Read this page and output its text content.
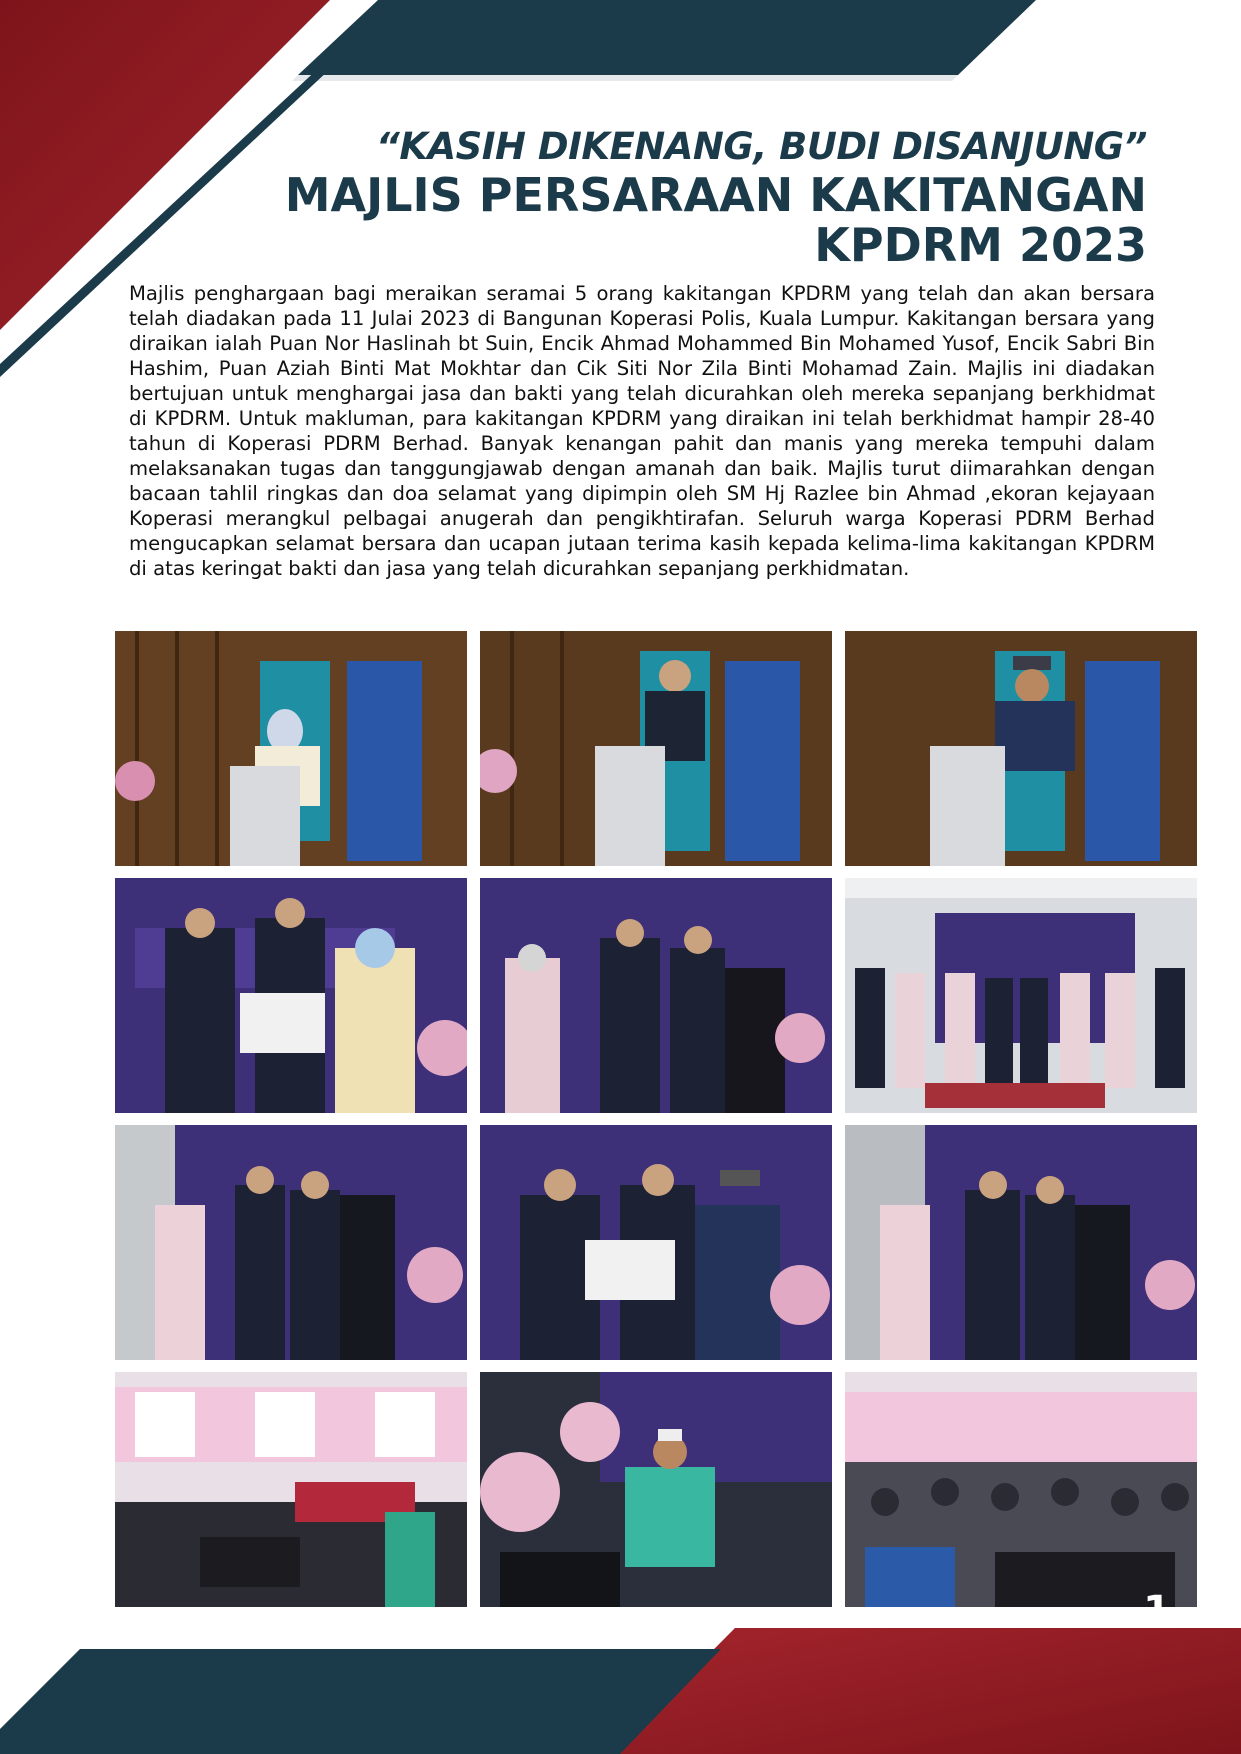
“KASIH DIKENANG, BUDI DISANJUNG”
MAJLIS PERSARAAN KAKITANGAN
KPDRM 2023

Majlis penghargaan bagi meraikan seramai 5 orang kakitangan KPDRM yang telah dan akan bersara telah diadakan pada 11 Julai 2023 di Bangunan Koperasi Polis, Kuala Lumpur. Kakitangan bersara yang diraikan ialah Puan Nor Haslinah bt Suin, Encik Ahmad Mohammed Bin Mohamed Yusof, Encik Sabri Bin Hashim, Puan Aziah Binti Mat Mokhtar dan Cik Siti Nor Zila Binti Mohamad Zain. Majlis ini diadakan bertujuan untuk menghargai jasa dan bakti yang telah dicurahkan oleh mereka sepanjang berkhidmat di KPDRM. Untuk makluman, para kakitangan KPDRM yang diraikan ini telah berkhidmat hampir 28-40 tahun di Koperasi PDRM Berhad. Banyak kenangan pahit dan manis yang mereka tempuhi dalam melaksanakan tugas dan tanggungjawab dengan amanah dan baik. Majlis turut diimarahkan dengan bacaan tahlil ringkas dan doa selamat yang dipimpin oleh SM Hj Razlee bin Ahmad ,ekoran kejayaan Koperasi merangkul pelbagai anugerah dan pengikhtirafan. Seluruh warga Koperasi PDRM Berhad mengucapkan selamat bersara dan ucapan jutaan terima kasih kepada kelima-lima kakitangan KPDRM di atas keringat bakti dan jasa yang telah dicurahkan sepanjang perkhidmatan.

1
